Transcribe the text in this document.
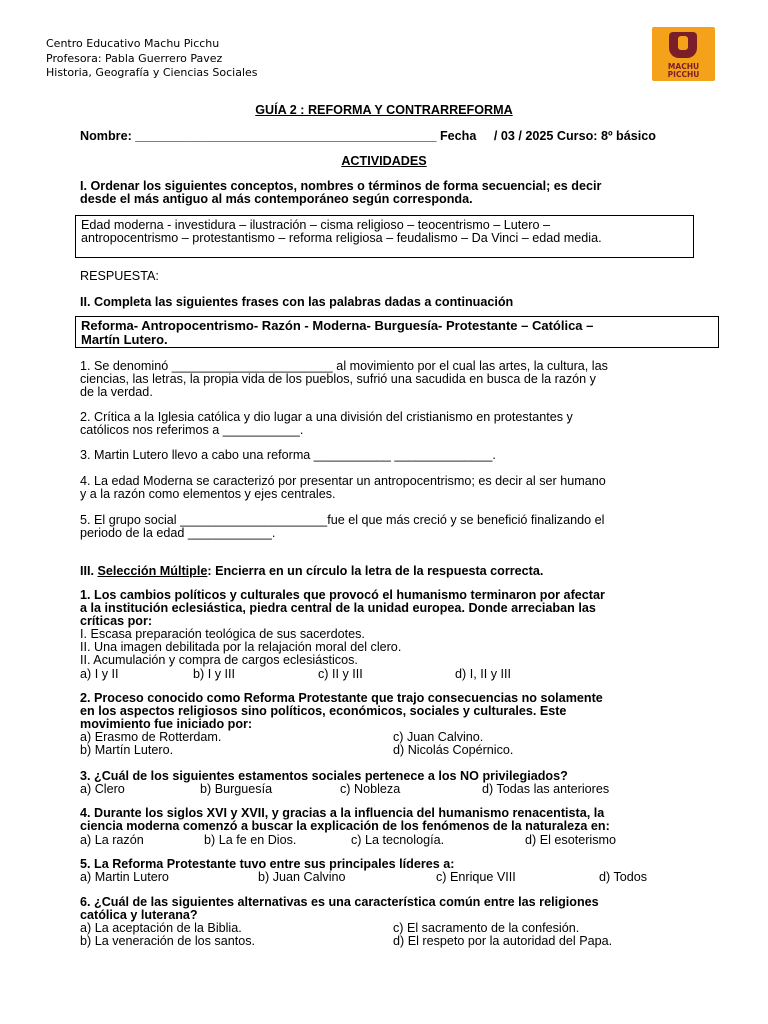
Centro Educativo Machu Picchu
Profesora: Pabla Guerrero Pavez
Historia, Geografía y Ciencias Sociales	MACHU
PICCHU
GUÍA 2 : REFORMA Y CONTRARREFORMA
Nombre: ___________________________________________ Fecha / 03 / 2025 Curso: 8º básico
ACTIVIDADES
I. Ordenar los siguientes conceptos, nombres o términos de forma secuencial; es decir
desde el más antiguo al más contemporáneo según corresponda.
Edad moderna - investidura – ilustración – cisma religioso – teocentrismo – Lutero –
antropocentrismo – protestantismo – reforma religiosa – feudalismo – Da Vinci – edad media.
RESPUESTA:
II. Completa las siguientes frases con las palabras dadas a continuación
Reforma- Antropocentrismo- Razón - Moderna- Burguesía- Protestante – Católica –
Martín Lutero.
1. Se denominó _______________________ al movimiento por el cual las artes, la cultura, las
ciencias, las letras, la propia vida de los pueblos, sufrió una sacudida en busca de la razón y
de la verdad.
2. Crítica a la Iglesia católica y dio lugar a una división del cristianismo en protestantes y
católicos nos referimos a ___________.
3. Martin Lutero llevo a cabo una reforma ___________ ______________.
4. La edad Moderna se caracterizó por presentar un antropocentrismo; es decir al ser humano
y a la razón como elementos y ejes centrales.
5. El grupo social _____________________fue el que más creció y se benefició finalizando el
periodo de la edad ____________.
III. Selección Múltiple: Encierra en un círculo la letra de la respuesta correcta.
1. Los cambios políticos y culturales que provocó el humanismo terminaron por afectar
a la institución eclesiástica, piedra central de la unidad europea. Donde arreciaban las
críticas por:
I. Escasa preparación teológica de sus sacerdotes.
II. Una imagen debilitada por la relajación moral del clero.
II. Acumulación y compra de cargos eclesiásticos.
a) I y II	b) I y III	c) II y III	d) I, II y III
2. Proceso conocido como Reforma Protestante que trajo consecuencias no solamente
en los aspectos religiosos sino políticos, económicos, sociales y culturales. Este
movimiento fue iniciado por:
a) Erasmo de Rotterdam.	c) Juan Calvino.
b) Martín Lutero.	d) Nicolás Copérnico.
3. ¿Cuál de los siguientes estamentos sociales pertenece a los NO privilegiados?
a) Clero	b) Burguesía	c) Nobleza	d) Todas las anteriores
4. Durante los siglos XVI y XVII, y gracias a la influencia del humanismo renacentista, la
ciencia moderna comenzó a buscar la explicación de los fenómenos de la naturaleza en:
a) La razón	b) La fe en Dios.	c) La tecnología.	d) El esoterismo
5. La Reforma Protestante tuvo entre sus principales líderes a:
a) Martin Lutero	b) Juan Calvino	c) Enrique VIII	d) Todos
6. ¿Cuál de las siguientes alternativas es una característica común entre las religiones
católica y luterana?
a) La aceptación de la Biblia.	c) El sacramento de la confesión.
b) La veneración de los santos.	d) El respeto por la autoridad del Papa.
